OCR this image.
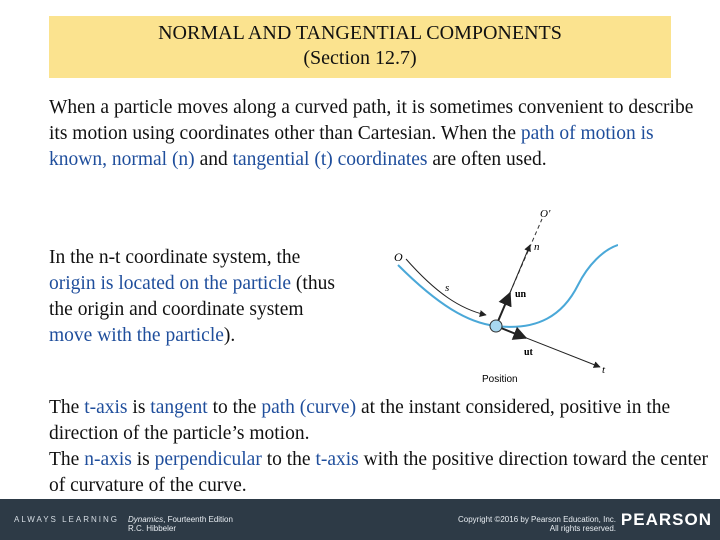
NORMAL AND TANGENTIAL COMPONENTS
(Section 12.7)
When a particle moves along a curved path, it is sometimes convenient to describe its motion using coordinates other than Cartesian. When the path of motion is known, normal (n) and tangential (t) coordinates are often used.
In the n-t coordinate system, the origin is located on the particle (thus the origin and coordinate system move with the particle).
O'
O
n
s
un
ut
t
Position
The t-axis is tangent to the path (curve) at the instant considered, positive in the direction of the particle’s motion.
The n-axis is perpendicular to the t-axis with the positive direction toward the center of curvature of the curve.
ALWAYS LEARNING Dynamics, Fourteenth Edition
R.C. Hibbeler
Copyright ©2016 by Pearson Education, Inc.
All rights reserved. PEARSON
